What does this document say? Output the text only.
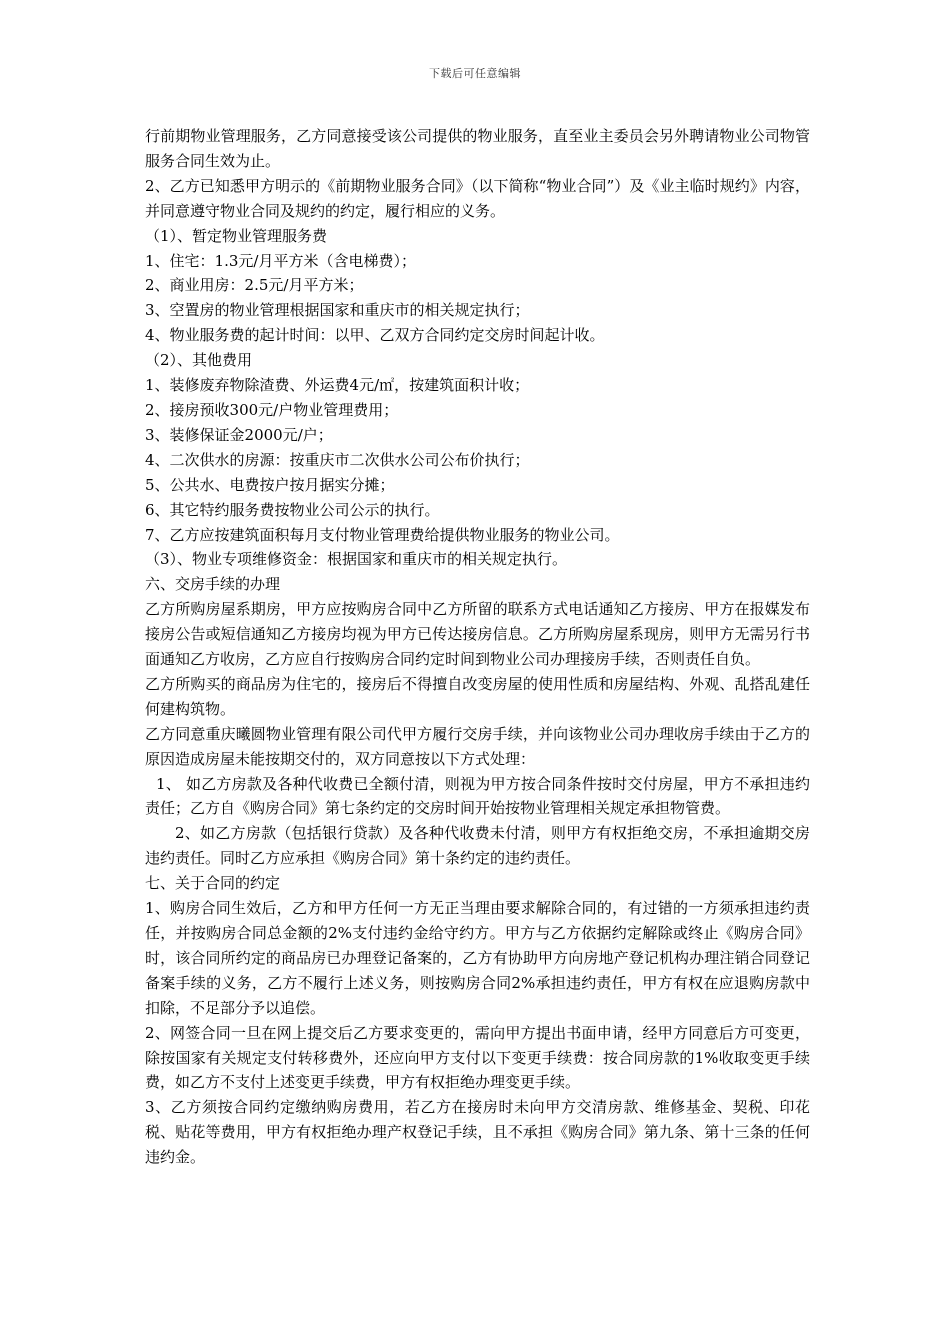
下载后可任意编辑

行前期物业管理服务，乙方同意接受该公司提供的物业服务，直至业主委员会另外聘请物业公司物管服务合同生效为止。

2、乙方已知悉甲方明示的《前期物业服务合同》（以下简称“物业合同”）及《业主临时规约》内容，并同意遵守物业合同及规约的约定，履行相应的义务。

（1）、暂定物业管理服务费

1、住宅：1.3元/月平方米（含电梯费）；

2、商业用房：2.5元/月平方米；

3、空置房的物业管理根据国家和重庆市的相关规定执行；

4、物业服务费的起计时间：以甲、乙双方合同约定交房时间起计收。

（2）、其他费用

1、装修废弃物除渣费、外运费4元/㎡，按建筑面积计收；

2、接房预收300元/户物业管理费用；

3、装修保证金2000元/户；

4、二次供水的房源：按重庆市二次供水公司公布价执行；

5、公共水、电费按户按月据实分摊；

6、其它特约服务费按物业公司公示的执行。

7、乙方应按建筑面积每月支付物业管理费给提供物业服务的物业公司。

（3）、物业专项维修资金：根据国家和重庆市的相关规定执行。

六、交房手续的办理

乙方所购房屋系期房，甲方应按购房合同中乙方所留的联系方式电话通知乙方接房、甲方在报媒发布接房公告或短信通知乙方接房均视为甲方已传达接房信息。乙方所购房屋系现房，则甲方无需另行书面通知乙方收房，乙方应自行按购房合同约定时间到物业公司办理接房手续，否则责任自负。

乙方所购买的商品房为住宅的，接房后不得擅自改变房屋的使用性质和房屋结构、外观、乱搭乱建任何建构筑物。

乙方同意重庆曦圆物业管理有限公司代甲方履行交房手续，并向该物业公司办理收房手续由于乙方的原因造成房屋未能按期交付的，双方同意按以下方式处理：

1、 如乙方房款及各种代收费已全额付清，则视为甲方按合同条件按时交付房屋，甲方不承担违约责任；乙方自《购房合同》第七条约定的交房时间开始按物业管理相关规定承担物管费。

2、如乙方房款（包括银行贷款）及各种代收费未付清，则甲方有权拒绝交房，不承担逾期交房违约责任。同时乙方应承担《购房合同》第十条约定的违约责任。

七、关于合同的约定

1、购房合同生效后，乙方和甲方任何一方无正当理由要求解除合同的，有过错的一方须承担违约责任，并按购房合同总金额的2%支付违约金给守约方。甲方与乙方依据约定解除或终止《购房合同》时，该合同所约定的商品房已办理登记备案的，乙方有协助甲方向房地产登记机构办理注销合同登记备案手续的义务，乙方不履行上述义务，则按购房合同2%承担违约责任，甲方有权在应退购房款中扣除，不足部分予以追偿。

2、网签合同一旦在网上提交后乙方要求变更的，需向甲方提出书面申请，经甲方同意后方可变更，除按国家有关规定支付转移费外，还应向甲方支付以下变更手续费：按合同房款的1%收取变更手续费，如乙方不支付上述变更手续费，甲方有权拒绝办理变更手续。

3、乙方须按合同约定缴纳购房费用，若乙方在接房时未向甲方交清房款、维修基金、契税、印花税、贴花等费用，甲方有权拒绝办理产权登记手续，且不承担《购房合同》第九条、第十三条的任何违约金。
